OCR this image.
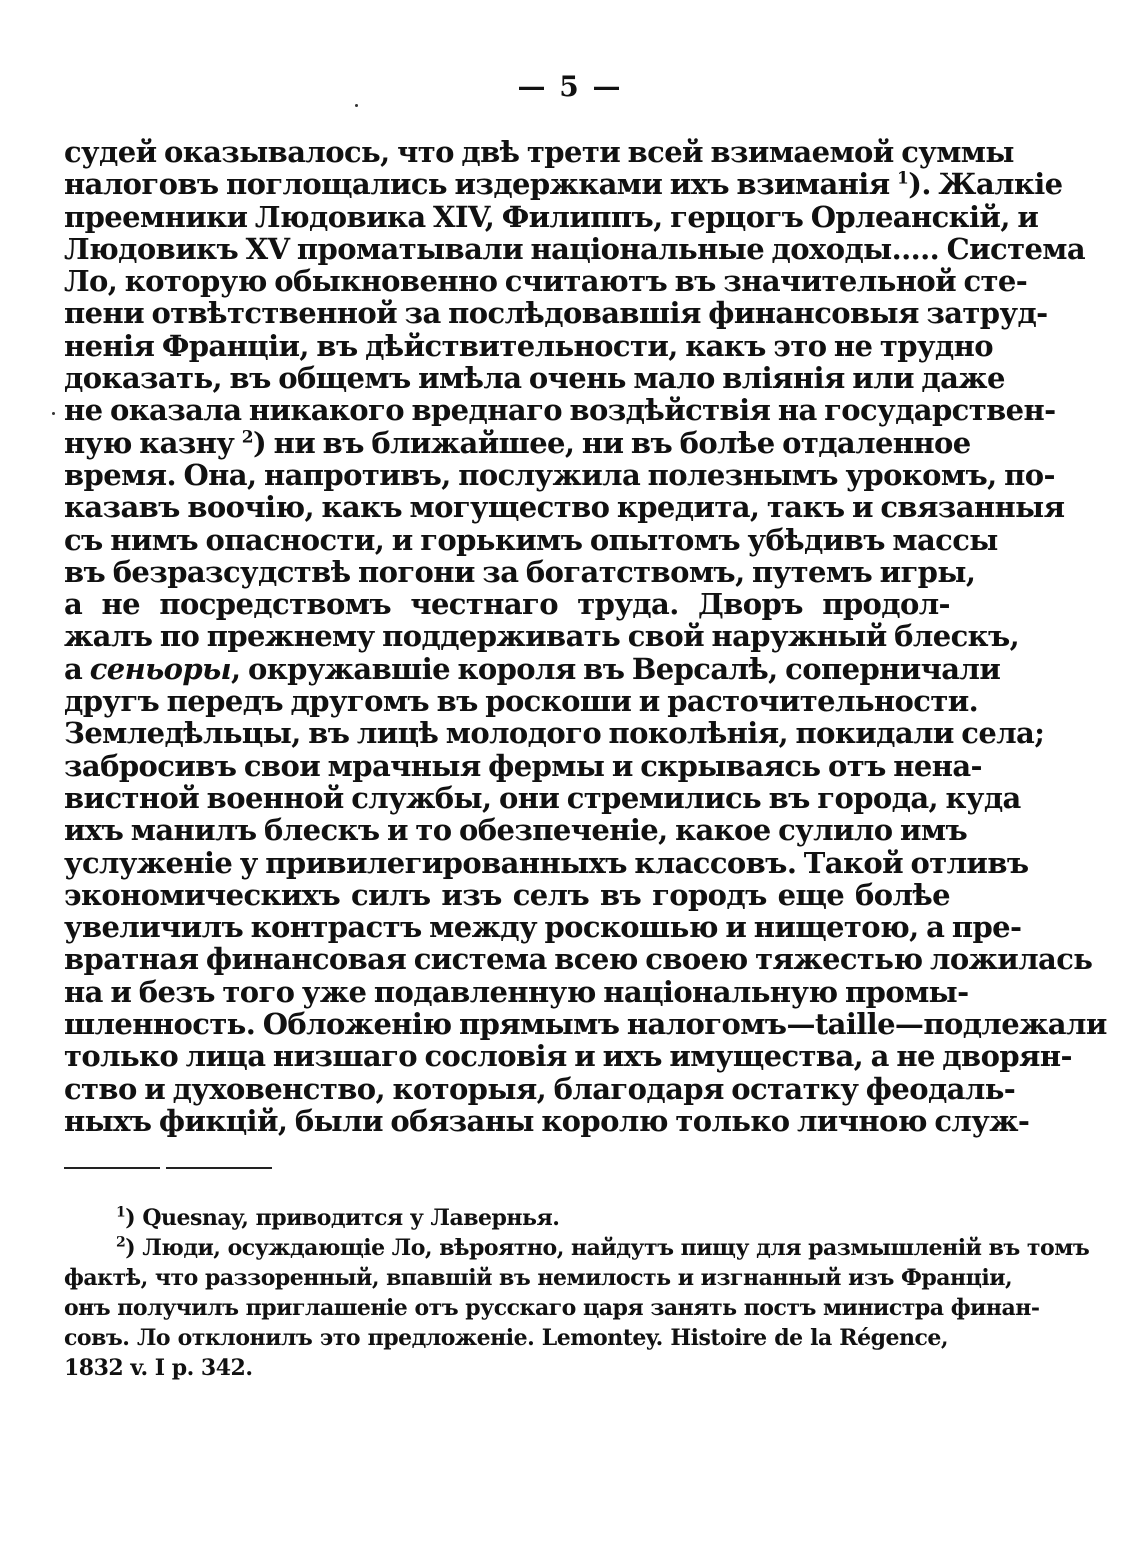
— 5 —
судей оказывалось, что двѣ трети всей взимаемой суммы
налоговъ поглощались издержками ихъ взиманія $^1$). Жалкіе
преемники Людовика XIV, Филиппъ, герцогъ Орлеанскій, и
Людовикъ XV проматывали національные доходы..... Система
Ло, которую обыкновенно считаютъ въ значительной сте-
пени отвѣтственной за послѣдовавшія финансовыя затруд-
ненія Франціи, въ дѣйствительности, какъ это не трудно
доказать, въ общемъ имѣла очень мало вліянія или даже
не оказала никакого вреднаго воздѣйствія на государствен-
ную казну $^2$) ни въ ближайшее, ни въ болѣе отдаленное
время. Она, напротивъ, послужила полезнымъ урокомъ, по-
казавъ воочію, какъ могущество кредита, такъ и связанныя
съ нимъ опасности, и горькимъ опытомъ убѣдивъ массы
въ безразсудствѣ погони за богатствомъ, путемъ игры,
а не посредствомъ честнаго труда. Дворъ продол-
жалъ по прежнему поддерживать свой наружный блескъ,
а сеньоры, окружавшіе короля въ Версалѣ, соперничали
другъ передъ другомъ въ роскоши и расточительности.
Земледѣльцы, въ лицѣ молодого поколѣнія, покидали села;
забросивъ свои мрачныя фермы и скрываясь отъ нена-
вистной военной службы, они стремились въ города, куда
ихъ манилъ блескъ и то обезпеченіе, какое сулило имъ
услуженіе у привилегированныхъ классовъ. Такой отливъ
экономическихъ силъ изъ селъ въ городъ еще болѣе
увеличилъ контрастъ между роскошью и нищетою, а пре-
вратная финансовая система всею своею тяжестью ложилась
на и безъ того уже подавленную національную промы-
шленность. Обложенію прямымъ налогомъ—taille—подлежали
только лица низшаго сословія и ихъ имущества, а не дворян-
ство и духовенство, которыя, благодаря остатку феодаль-
ныхъ фикцій, были обязаны королю только личною служ-
$^1$) Quesnay, приводится у Лавернья.
$^2$) Люди, осуждающіе Ло, вѣроятно, найдутъ пищу для размышленій въ томъ
фактѣ, что раззоренный, впавшій въ немилость и изгнанный изъ Франціи,
онъ получилъ приглашеніе отъ русскаго царя занять постъ министра финан-
совъ. Ло отклонилъ это предложеніе. Lemontey. Histoire de la Régence,
1832 v. I p. 342.
